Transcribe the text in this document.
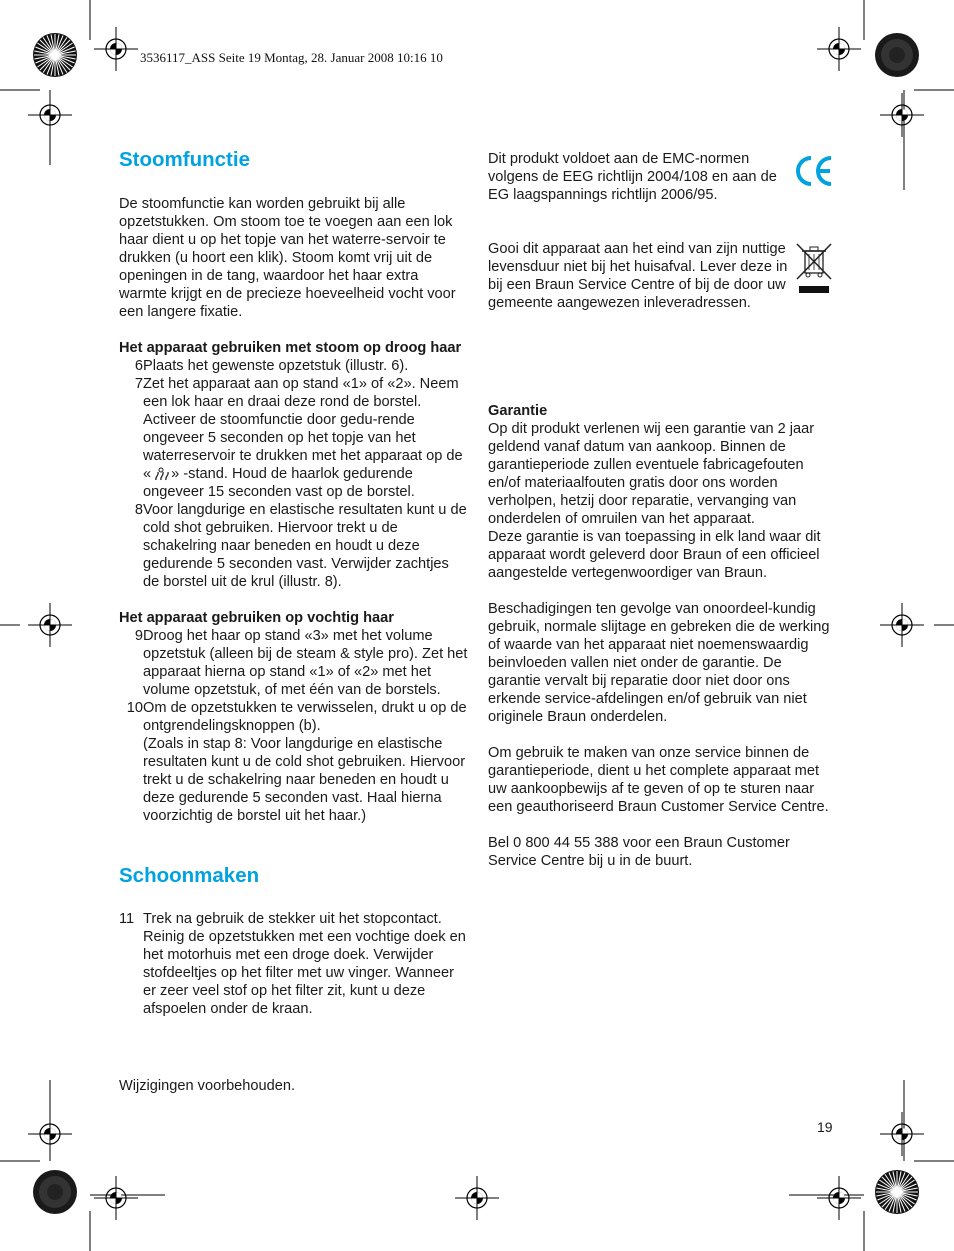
3536117_ASS Seite 19 Montag, 28. Januar 2008 10:16 10
Stoomfunctie

De stoomfunctie kan worden gebruikt bij alle opzetstukken. Om stoom toe te voegen aan een lok haar dient u op het topje van het waterre-servoir te drukken (u hoort een klik). Stoom komt vrij uit de openingen in de tang, waardoor het haar extra warmte krijgt en de precieze hoeveelheid vocht voor een langere fixatie.

Het apparaat gebruiken met stoom op droog haar

6 Plaats het gewenste opzetstuk (illustr. 6).
7 Zet het apparaat aan op stand «1» of «2». Neem een lok haar en draai deze rond de borstel. Activeer de stoomfunctie door gedu-rende ongeveer 5 seconden op het topje van het waterreservoir te drukken met het apparaat op de « » -stand. Houd de haarlok gedurende ongeveer 15 seconden vast op de borstel.
8 Voor langdurige en elastische resultaten kunt u de cold shot gebruiken. Hiervoor trekt u de schakelring naar beneden en houdt u deze gedurende 5 seconden vast. Verwijder zachtjes de borstel uit de krul (illustr. 8).

Het apparaat gebruiken op vochtig haar

9 Droog het haar op stand «3» met het volume opzetstuk (alleen bij de steam & style pro). Zet het apparaat hierna op stand «1» of «2» met het volume opzetstuk, of met één van de borstels.
10 Om de opzetstukken te verwisselen, drukt u op de ontgrendelingsknoppen (b).

(Zoals in stap 8: Voor langdurige en elastische resultaten kunt u de cold shot gebruiken. Hiervoor trekt u de schakelring naar beneden en houdt u deze gedurende 5 seconden vast. Haal hierna voorzichtig de borstel uit het haar.)

Schoonmaken
11 Trek na gebruik de stekker uit het stopcontact. Reinig de opzetstukken met een vochtige doek en het motorhuis met een droge doek. Verwijder stofdeeltjes op het filter met uw vinger. Wanneer er zeer veel stof op het filter zit, kunt u deze afspoelen onder de kraan.
Wijzigingen voorbehouden.

Dit produkt voldoet aan de EMC-normen volgens de EEG richtlijn 2004/108 en aan de EG laagspannings richtlijn 2006/95.

Gooi dit apparaat aan het eind van zijn nuttige levensduur niet bij het huisafval. Lever deze in bij een Braun Service Centre of bij de door uw gemeente aangewezen inleveradressen.

Garantie

Op dit produkt verlenen wij een garantie van 2 jaar geldend vanaf datum van aankoop. Binnen de garantieperiode zullen eventuele fabricagefouten en/of materiaalfouten gratis door ons worden verholpen, hetzij door reparatie, vervanging van onderdelen of omruilen van het apparaat.

Deze garantie is van toepassing in elk land waar dit apparaat wordt geleverd door Braun of een officieel aangestelde vertegenwoordiger van Braun.

Beschadigingen ten gevolge van onoordeel-kundig gebruik, normale slijtage en gebreken die de werking of waarde van het apparaat niet noemenswaardig beinvloeden vallen niet onder de garantie. De garantie vervalt bij reparatie door niet door ons erkende service-afdelingen en/of gebruik van niet originele Braun onderdelen.

Om gebruik te maken van onze service binnen de garantieperiode, dient u het complete apparaat met uw aankoopbewijs af te geven of op te sturen naar een geauthoriseerd Braun Customer Service Centre.

Bel 0 800 44 55 388 voor een Braun Customer Service Centre bij u in de buurt.

19
